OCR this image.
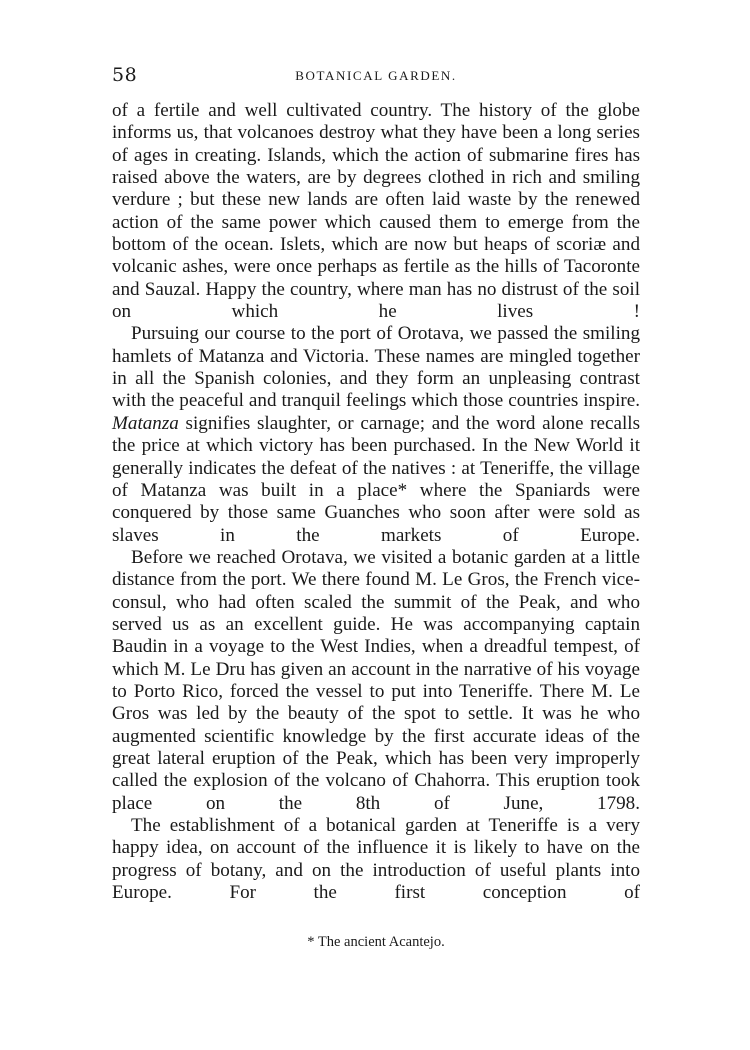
58	BOTANICAL GARDEN.

of a fertile and well cultivated country. The history of the globe informs us, that volcanoes destroy what they have been a long series of ages in creating. Islands, which the action of submarine fires has raised above the waters, are by degrees clothed in rich and smiling verdure ; but these new lands are often laid waste by the renewed action of the same power which caused them to emerge from the bottom of the ocean. Islets, which are now but heaps of scoriæ and volcanic ashes, were once perhaps as fertile as the hills of Tacoronte and Sauzal. Happy the country, where man has no distrust of the soil on which he lives !

Pursuing our course to the port of Orotava, we passed the smiling hamlets of Matanza and Victoria. These names are mingled together in all the Spanish colonies, and they form an unpleasing contrast with the peaceful and tranquil feelings which those countries inspire. Matanza signifies slaughter, or carnage; and the word alone recalls the price at which victory has been purchased. In the New World it generally indicates the defeat of the natives : at Teneriffe, the village of Matanza was built in a place* where the Spaniards were conquered by those same Guanches who soon after were sold as slaves in the markets of Europe.

Before we reached Orotava, we visited a botanic garden at a little distance from the port. We there found M. Le Gros, the French vice-consul, who had often scaled the summit of the Peak, and who served us as an excellent guide. He was accompanying captain Baudin in a voyage to the West Indies, when a dreadful tempest, of which M. Le Dru has given an account in the narrative of his voyage to Porto Rico, forced the vessel to put into Teneriffe. There M. Le Gros was led by the beauty of the spot to settle. It was he who augmented scientific knowledge by the first accurate ideas of the great lateral eruption of the Peak, which has been very improperly called the explosion of the volcano of Chahorra. This eruption took place on the 8th of June, 1798.

The establishment of a botanical garden at Teneriffe is a very happy idea, on account of the influence it is likely to have on the progress of botany, and on the introduction of useful plants into Europe. For the first conception of

* The ancient Acantejo.
